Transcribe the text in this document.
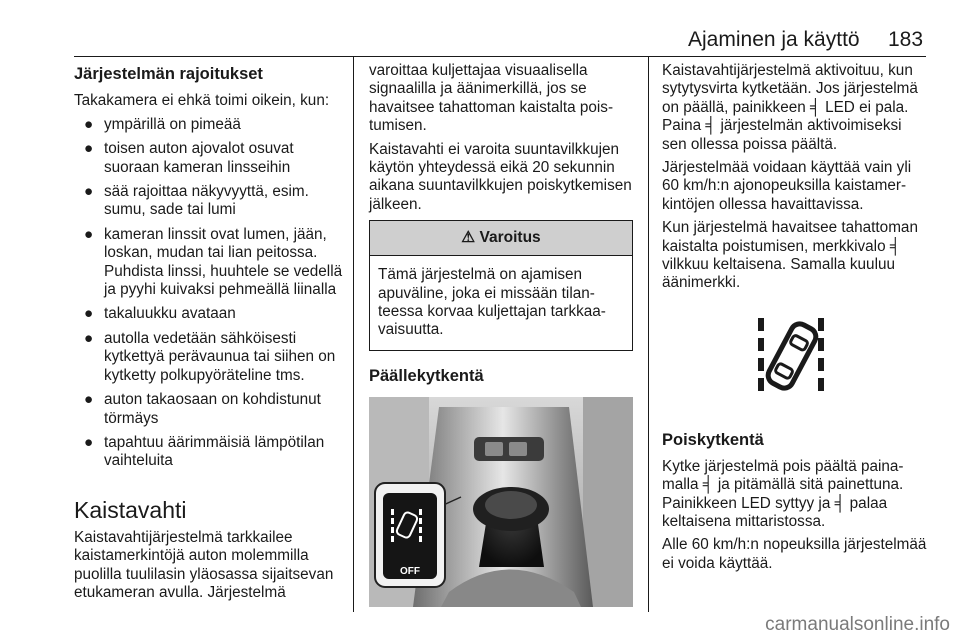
Ajaminen ja käyttö 183
Järjestelmän rajoitukset

Takakamera ei ehkä toimi oikein, kun:

● ympärillä on pimeää
● toisen auton ajovalot osuvat suoraan kameran linsseihin
● sää rajoittaa näkyvyyttä, esim. sumu, sade tai lumi
● kameran linssit ovat lumen, jään, loskan, mudan tai lian peitossa. Puhdista linssi, huuhtele se vedellä ja pyyhi kuivaksi pehmeällä liinalla
● takaluukku avataan
● autolla vedetään sähköisesti kytkettyä perävaunua tai siihen on kytketty polkupyöräteline tms.
● auton takaosaan on kohdistunut törmäys
● tapahtuu äärimmäisiä lämpötilan vaihteluita
Kaistavahti

Kaistavahtijärjestelmä tarkkailee kaistamerkintöjä auton molemmilla puolilla tuulilasin yläosassa sijaitsevan etukameran avulla. Järjestelmä

varoittaa kuljettajaa visuaalisella signaalilla ja äänimerkillä, jos se havaitsee tahattoman kaistalta poistumisen.

Kaistavahti ei varoita suuntavilkkujen käytön yhteydessä eikä 20 sekunnin aikana suuntavilkkujen poiskytkemisen jälkeen.

⚠ Varoitus
Tämä järjestelmä on ajamisen apuväline, joka ei missään tilanteessa korvaa kuljettajan tarkkaavaisuutta.
Päällekytkentä
OFF

Kaistavahtijärjestelmä aktivoituu, kun sytytysvirta kytketään. Jos järjestelmä on päällä, painikkeen ╡ LED ei pala. Paina ╡ järjestelmän aktivoimiseksi sen ollessa poissa päältä.

Järjestelmää voidaan käyttää vain yli 60 km/h:n ajonopeuksilla kaistamerkintöjen ollessa havaittavissa.

Kun järjestelmä havaitsee tahattoman kaistalta poistumisen, merkkivalo ╡ vilkkuu keltaisena. Samalla kuuluu äänimerkki.

Poiskytkentä

Kytke järjestelmä pois päältä painamalla ╡ ja pitämällä sitä painettuna. Painikkeen LED syttyy ja ╡ palaa keltaisena mittaristossa.

Alle 60 km/h:n nopeuksilla järjestelmää ei voida käyttää.

carmanualsonline.info
